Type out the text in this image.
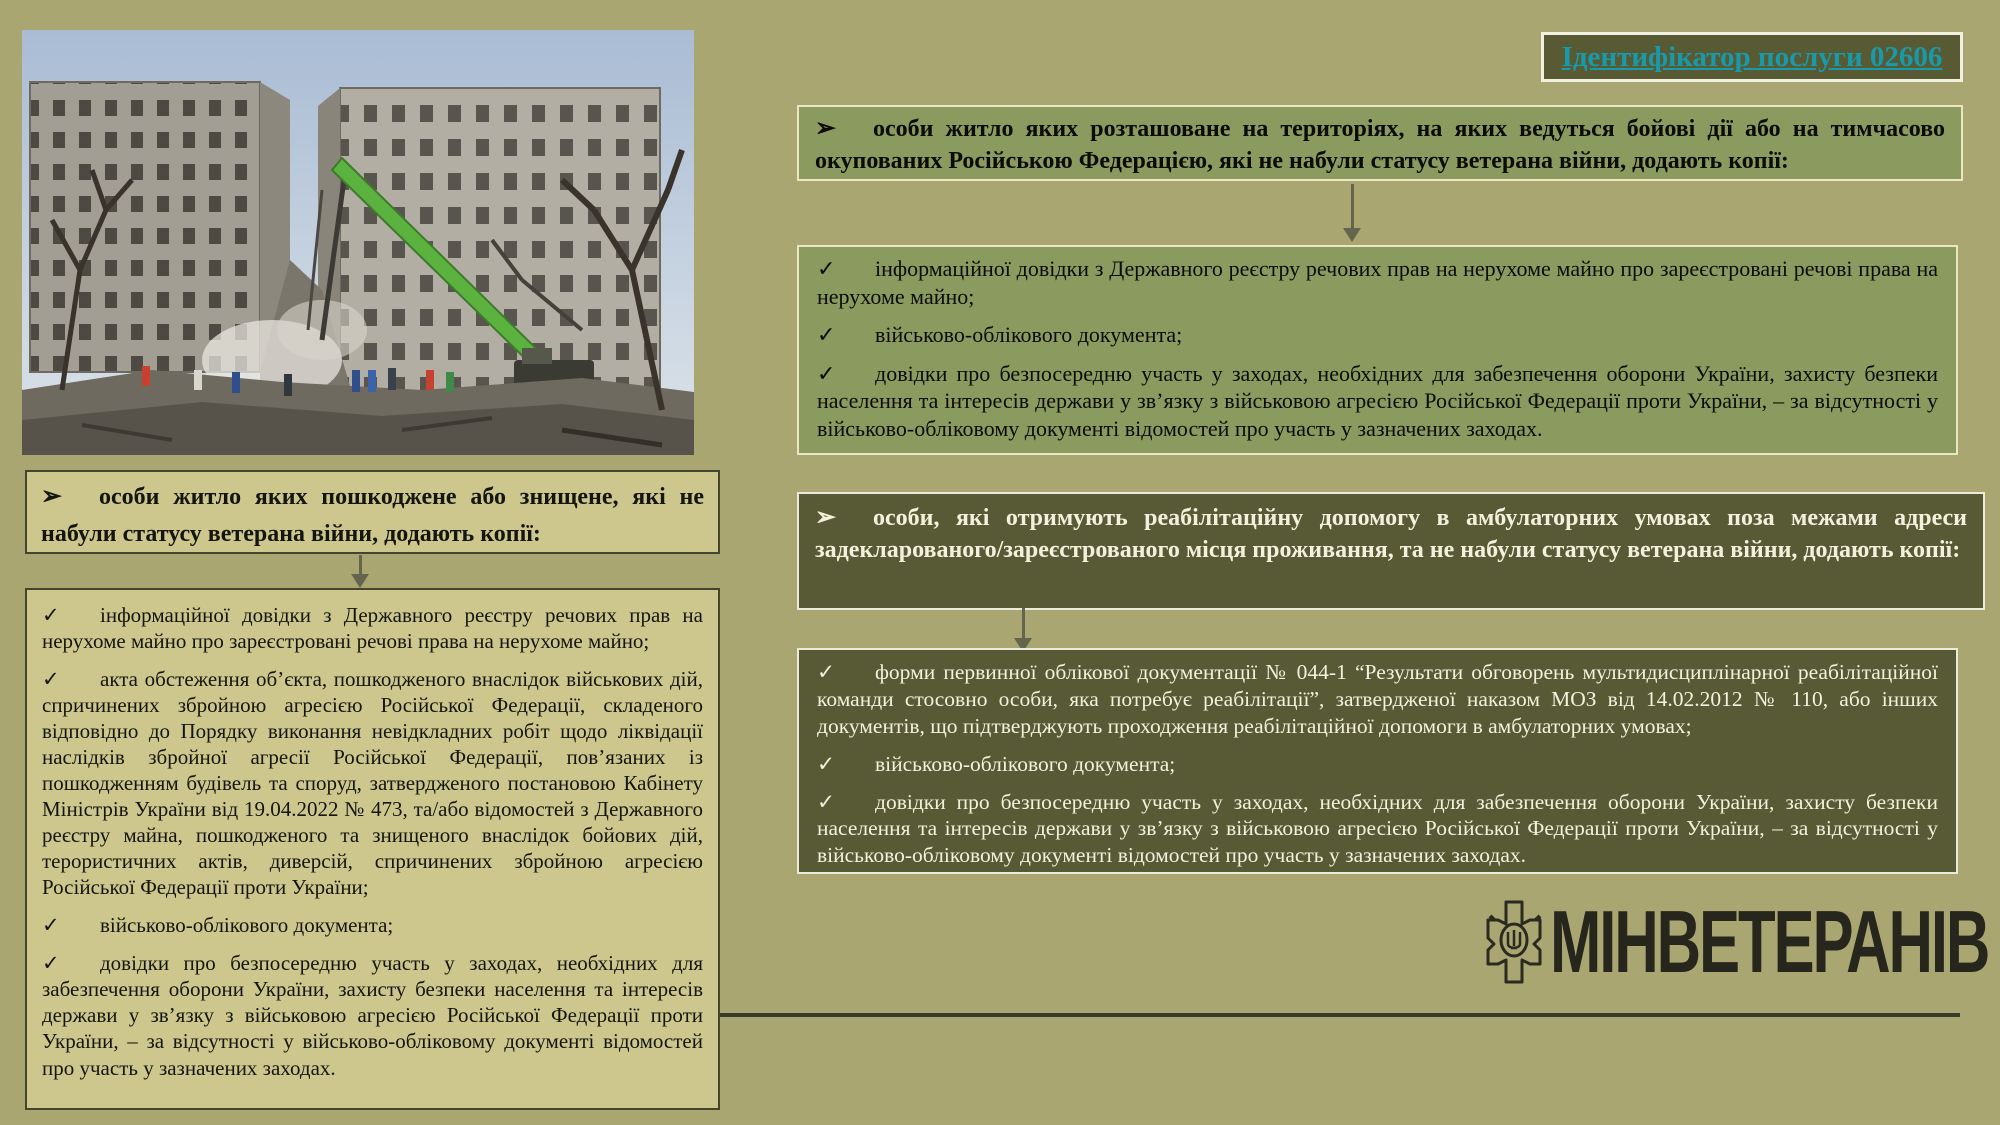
Ідентифікатор послуги 02606
➢ особи житло яких розташоване на територіях, на яких ведуться бойові дії або на тимчасово окупованих Російською Федерацією, які не набули статусу ветерана війни, додають копії:
✓ інформаційної довідки з Державного реєстру речових прав на нерухоме майно про зареєстровані речові права на нерухоме майно;
✓ військово-облікового документа;
✓ довідки про безпосередню участь у заходах, необхідних для забезпечення оборони України, захисту безпеки населення та інтересів держави у зв’язку з військовою агресією Російської Федерації проти України, – за відсутності у військово-обліковому документі відомостей про участь у зазначених заходах.
➢ особи, які отримують реабілітаційну допомогу в амбулаторних умовах поза межами адреси задекларованого/зареєстрованого місця проживання, та не набули статусу ветерана війни, додають копії:
✓ форми первинної облікової документації № 044-1 “Результати обговорень мультидисциплінарної реабілітаційної команди стосовно особи, яка потребує реабілітації”, затвердженої наказом МОЗ від 14.02.2012 № 110, або інших документів, що підтверджують проходження реабілітаційної допомоги в амбулаторних умовах;
✓ військово-облікового документа;
✓ довідки про безпосередню участь у заходах, необхідних для забезпечення оборони України, захисту безпеки населення та інтересів держави у зв’язку з військовою агресією Російської Федерації проти України, – за відсутності у військово-обліковому документі відомостей про участь у зазначених заходах.
➢ особи житло яких пошкоджене або знищене, які не набули статусу ветерана війни, додають копії:
✓ інформаційної довідки з Державного реєстру речових прав на нерухоме майно про зареєстровані речові права на нерухоме майно;
✓ акта обстеження об’єкта, пошкодженого внаслідок військових дій, спричинених збройною агресією Російської Федерації, складеного відповідно до Порядку виконання невідкладних робіт щодо ліквідації наслідків збройної агресії Російської Федерації, пов’язаних із пошкодженням будівель та споруд, затвердженого постановою Кабінету Міністрів України від 19.04.2022 № 473, та/або відомостей з Державного реєстру майна, пошкодженого та знищеного внаслідок бойових дій, терористичних актів, диверсій, спричинених збройною агресією Російської Федерації проти України;
✓ військово-облікового документа;
✓ довідки про безпосередню участь у заходах, необхідних для забезпечення оборони України, захисту безпеки населення та інтересів держави у зв’язку з військовою агресією Російської Федерації проти України, – за відсутності у військово-обліковому документі відомостей про участь у зазначених заходах.
МІНВЕТЕРАНІВ
